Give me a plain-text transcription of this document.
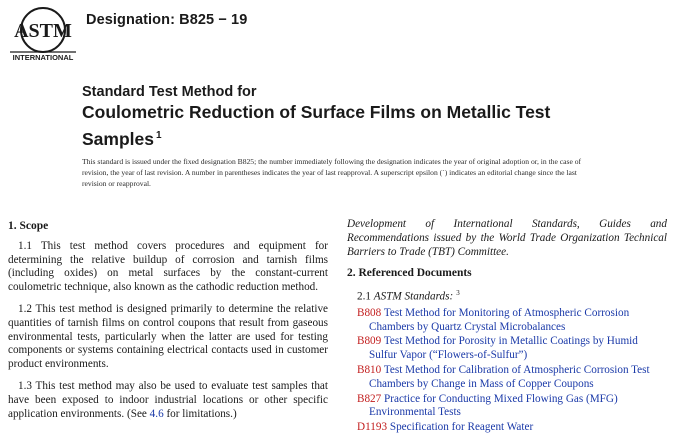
ASTM
INTERNATIONAL
Designation: B825 − 19
Standard Test Method for
Coulometric Reduction of Surface Films on Metallic Test
Samples $^1$
This standard is issued under the fixed designation B825; the number immediately following the designation indicates the year of original adoption or, in the case of revision, the year of last revision. A number in parentheses indicates the year of last reapproval. A superscript epsilon (´) indicates an editorial change since the last revision or reapproval.
1. Scope

1.1 This test method covers procedures and equipment for determining the relative buildup of corrosion and tarnish films (including oxides) on metal surfaces by the constant-current coulometric technique, also known as the cathodic reduction method.

1.2 This test method is designed primarily to determine the relative quantities of tarnish films on control coupons that result from gaseous environmental tests, particularly when the latter are used for testing components or systems containing electrical contacts used in customer product environments.

1.3 This test method may also be used to evaluate test samples that have been exposed to indoor industrial locations or other specific application environments. (See 4.6 for limitations.)

Development of International Standards, Guides and Recommendations issued by the World Trade Organization Technical Barriers to Trade (TBT) Committee.

2. Referenced Documents
2.1 ASTM Standards: $^3$
B808 Test Method for Monitoring of Atmospheric Corrosion Chambers by Quartz Crystal Microbalances
B809 Test Method for Porosity in Metallic Coatings by Humid Sulfur Vapor (“Flowers-of-Sulfur”)
B810 Test Method for Calibration of Atmospheric Corrosion Test Chambers by Change in Mass of Copper Coupons
B827 Practice for Conducting Mixed Flowing Gas (MFG) Environmental Tests
D1193 Specification for Reagent Water
